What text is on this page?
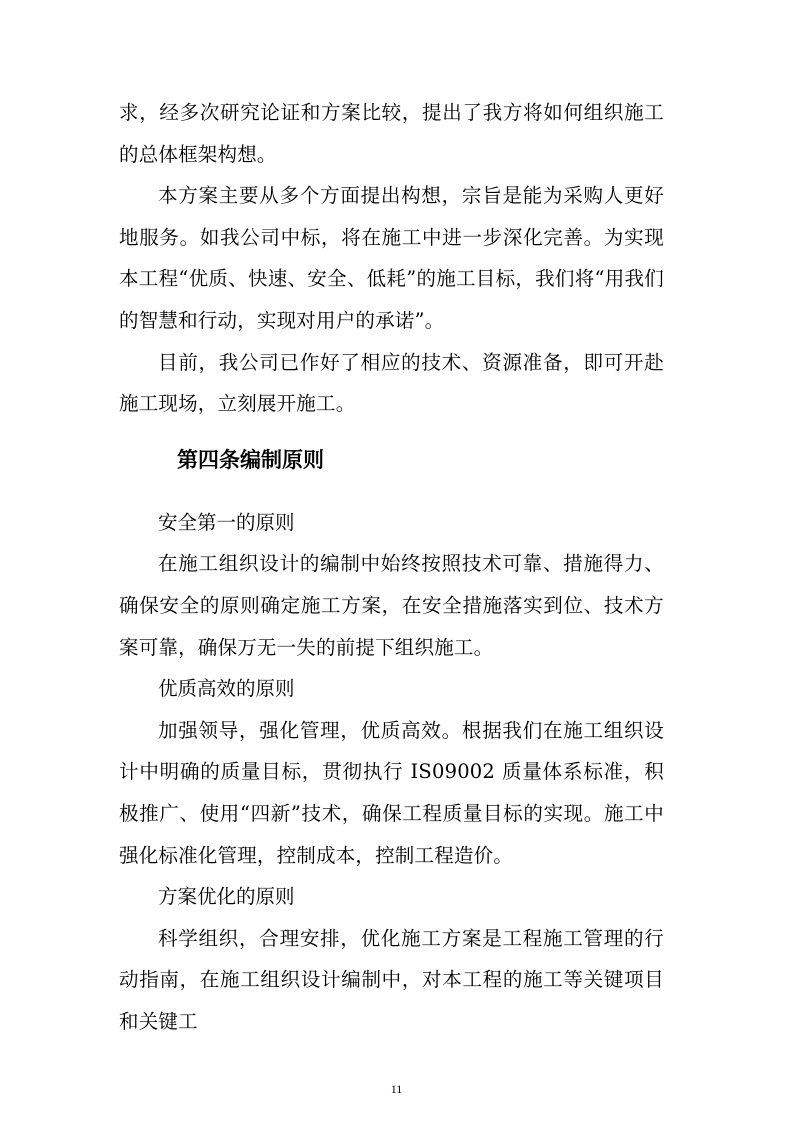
求，经多次研究论证和方案比较，提出了我方将如何组织施工的总体框架构想。

本方案主要从多个方面提出构想，宗旨是能为采购人更好地服务。如我公司中标，将在施工中进一步深化完善。为实现本工程“优质、快速、安全、低耗”的施工目标，我们将“用我们的智慧和行动，实现对用户的承诺”。

目前，我公司已作好了相应的技术、资源准备，即可开赴施工现场，立刻展开施工。

第四条编制原则
安全第一的原则

在施工组织设计的编制中始终按照技术可靠、措施得力、确保安全的原则确定施工方案，在安全措施落实到位、技术方案可靠，确保万无一失的前提下组织施工。

优质高效的原则

加强领导，强化管理，优质高效。根据我们在施工组织设计中明确的质量目标，贯彻执行 IS09002 质量体系标准，积极推广、使用“四新”技术，确保工程质量目标的实现。施工中强化标准化管理，控制成本，控制工程造价。

方案优化的原则

科学组织，合理安排，优化施工方案是工程施工管理的行动指南，在施工组织设计编制中，对本工程的施工等关键项目和关键工

11
